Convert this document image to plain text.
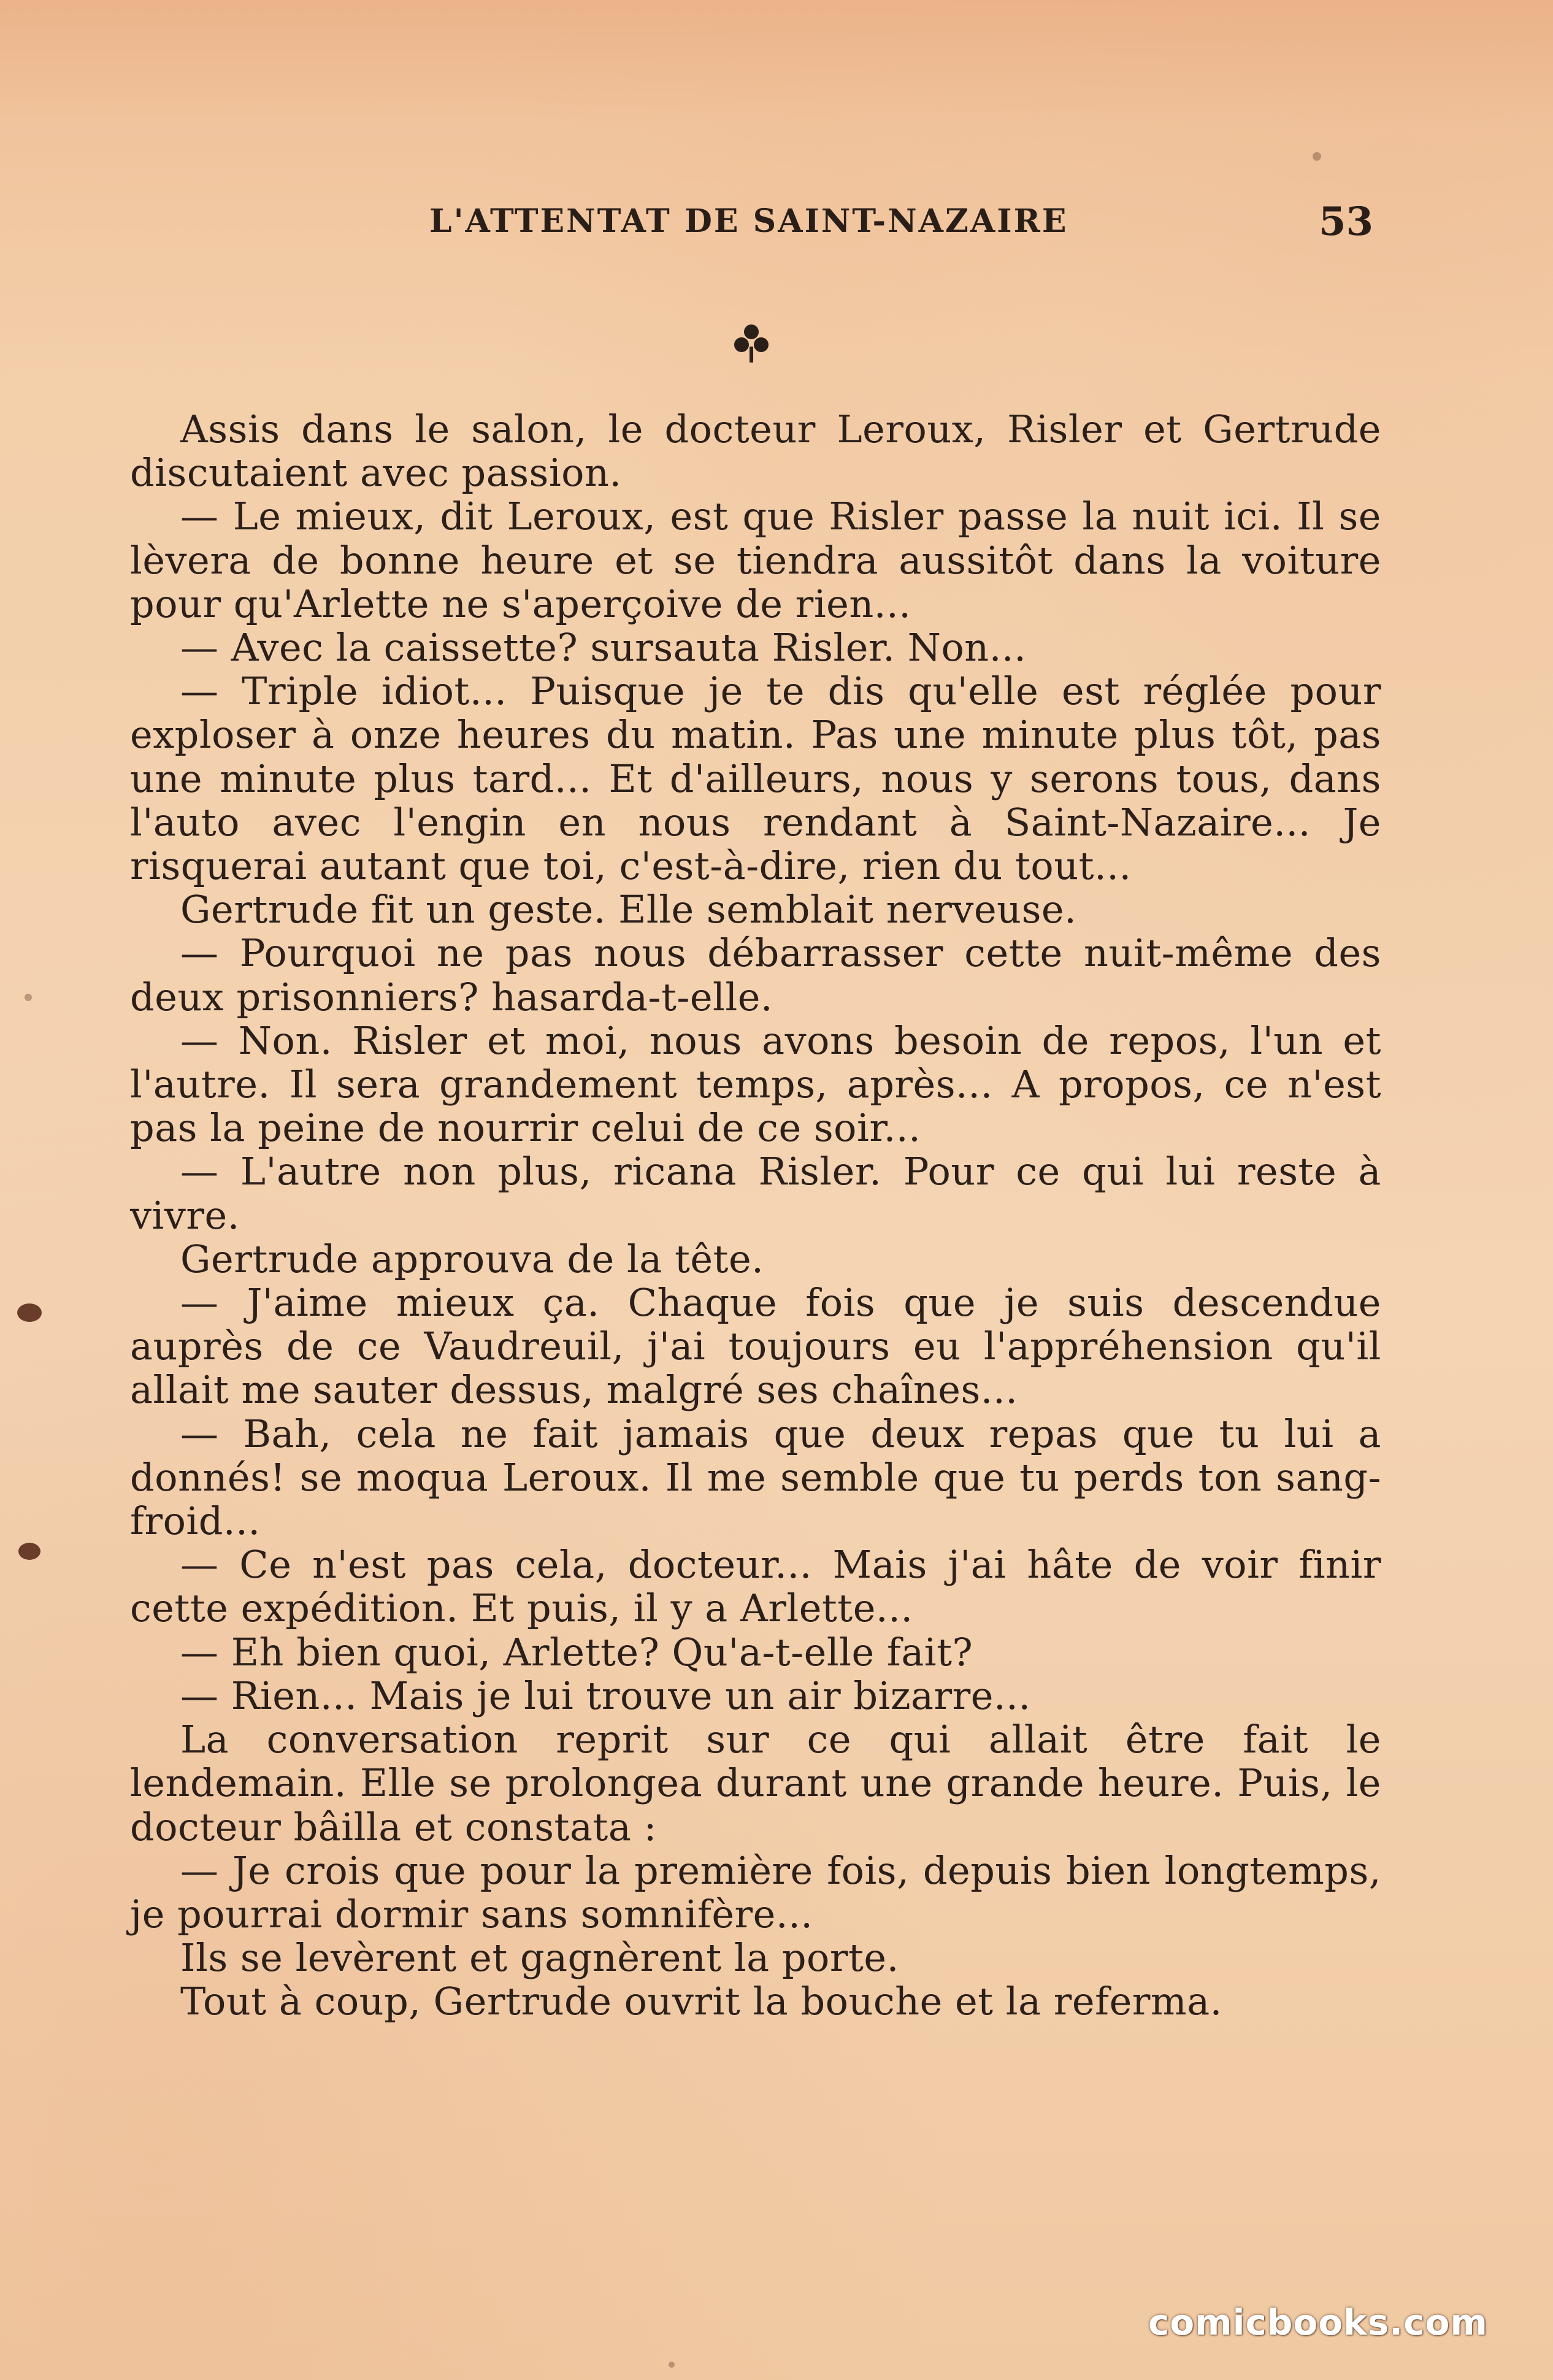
L'ATTENTAT DE SAINT-NAZAIRE	53

Assis dans le salon, le docteur Leroux, Risler et Gertrude discutaient avec passion.

— Le mieux, dit Leroux, est que Risler passe la nuit ici. Il se lèvera de bonne heure et se tiendra aussitôt dans la voiture pour qu'Arlette ne s'aperçoive de rien...

— Avec la caissette? sursauta Risler. Non...

— Triple idiot... Puisque je te dis qu'elle est réglée pour exploser à onze heures du matin. Pas une minute plus tôt, pas une minute plus tard... Et d'ailleurs, nous y serons tous, dans l'auto avec l'engin en nous rendant à Saint-Nazaire... Je risquerai autant que toi, c'est-à-dire, rien du tout...

Gertrude fit un geste. Elle semblait nerveuse.

— Pourquoi ne pas nous débarrasser cette nuit-même des deux prisonniers? hasarda-t-elle.

— Non. Risler et moi, nous avons besoin de repos, l'un et l'autre. Il sera grandement temps, après... A propos, ce n'est pas la peine de nourrir celui de ce soir...

— L'autre non plus, ricana Risler. Pour ce qui lui reste à vivre.

Gertrude approuva de la tête.

— J'aime mieux ça. Chaque fois que je suis descendue auprès de ce Vaudreuil, j'ai toujours eu l'appréhension qu'il allait me sauter dessus, malgré ses chaînes...

— Bah, cela ne fait jamais que deux repas que tu lui a donnés! se moqua Leroux. Il me semble que tu perds ton sang-froid...

— Ce n'est pas cela, docteur... Mais j'ai hâte de voir finir cette expédition. Et puis, il y a Arlette...

— Eh bien quoi, Arlette? Qu'a-t-elle fait?

— Rien... Mais je lui trouve un air bizarre...

La conversation reprit sur ce qui allait être fait le lendemain. Elle se prolongea durant une grande heure. Puis, le docteur bâilla et constata :

— Je crois que pour la première fois, depuis bien longtemps, je pourrai dormir sans somnifère...

Ils se levèrent et gagnèrent la porte.

Tout à coup, Gertrude ouvrit la bouche et la referma.

comicbooks.com
